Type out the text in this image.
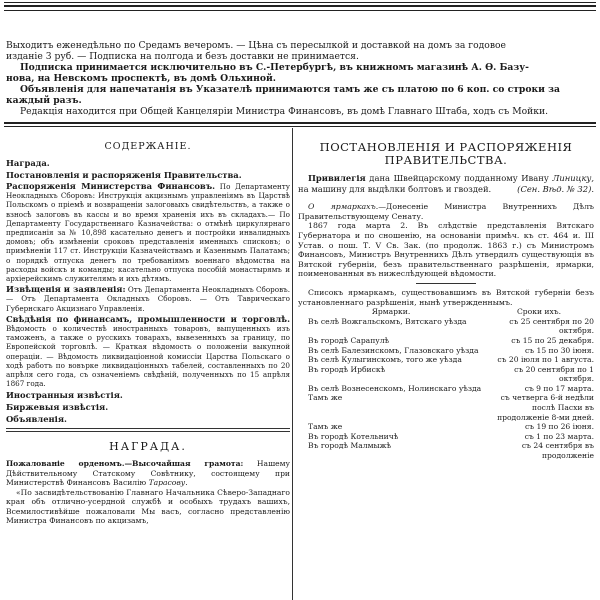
Выходитъ еженедѣльно по Средамъ вечеромъ. — Цѣна съ пересылкой и доставкой на домъ за годовое

изданіе 3 руб. — Подписка на полгода и безъ доставки не принимается.

Подписка принимается исключительно въ С.-Петербургѣ, въ книжномъ магазинѣ А. Ѳ. Базу-

нова, на Невскомъ проспектѣ, въ домѣ Ольхиной.

Объявленія для напечатанія въ Указателѣ принимаются тамъ же съ платою по 6 коп. со строки за

каждый разъ.

Редакція находится при Общей Канцеляріи Министра Финансовъ, въ домѣ Главнаго Штаба, ходъ съ Мойки.

СОДЕРЖАНІЕ.

Награда.

Постановленія и распоряженія Правительства.

Распоряженія Министерства Финансовъ. По Департаменту Неокладныхъ Сборовъ: Инструкція акцизнымъ управленіямъ въ Царствѣ Польскомъ о пріемѣ и возвращеніи залоговыхъ свидѣтельствъ, а также о взносѣ залоговъ въ кассы и во время храненія ихъ въ складахъ.— По Департаменту Государственнаго Казначейства: о отмѣнѣ циркулярнаго предписанія за № 10,898 касательно денегъ и постройки инвалидныхъ домовъ; объ измѣненіи сроковъ представленія именныхъ списковъ; о примѣненіи 117 ст. Инструкціи Казначействамъ и Казеннымъ Палатамъ; о порядкѣ отпуска денегъ по требованіямъ военнаго вѣдомства на расходы войскъ и команды; касательно отпуска пособій монастырямъ и архіерейскимъ служителямъ и ихъ дѣтямъ.

Извѣщенія и заявленія: Отъ Департамента Неокладныхъ Сборовъ. — Отъ Департамента Окладныхъ Сборовъ. — Отъ Таврическаго Губернскаго Акцизнаго Управленія.

Свѣдѣнія по финансамъ, промышленности и торговлѣ. Вѣдомость о количествѣ иностранныхъ товаровъ, выпущенныхъ изъ таможенъ, а также о русскихъ товарахъ, вывезенныхъ за границу, по Европейской торговлѣ. — Краткая вѣдомость о положеніи выкупной операціи. — Вѣдомость ликвидаціонной комиссіи Царства Польскаго о ходѣ работъ по вовърке ликвидаціонныхъ табелей, составленныхъ по 20 апрѣля сего года, съ означеніемъ свѣдѣній, полученныхъ по 15 апрѣля 1867 года.

Иностранныя извѣстія.

Биржевыя извѣстія.

Объявленія.

НАГРАДА.

Пожалованіе орденомъ.—Высочайшая грамота: Нашему Дѣйствительному Статскому Совѣтнику, состоящему при Министерствѣ Финансовъ Василію Тарасову.

«По засвидѣтельствованію Главнаго Начальника Сѣверо-Западнаго края объ отлично-усердной службѣ и особыхъ трудахъ вашихъ, Всемилостивѣйше пожаловали Мы васъ, согласно представленію Министра Финансовъ по акцизамъ,

ПОСТАНОВЛЕНІЯ И РАСПОРЯЖЕНІЯ ПРАВИТЕЛЬСТВА.

Привилегія дана Швейцарскому подданному Ивану Линицку, на машину для выдѣлки болтовъ и гвоздей.	(Сен. Вѣд. № 32).

О ярмаркахъ.—Донесеніе Министра Внутреннихъ Дѣлъ Правительствующему Сенату.

1867 года марта 2. Въ слѣдствіе представленія Вятскаго Губернатора и по сношенію, на основаніи примѣч. къ ст. 464 и. III Устав. о пош. Т. V Св. Зак. (по продолж. 1863 г.) съ Министромъ Финансовъ, Министръ Внутреннихъ Дѣлъ утвердилъ существующія въ Вятской губерніи, безъ правительственнаго разрѣшенія, ярмарки, поименованныя въ нижеслѣдующей вѣдомости.

Списокъ ярмаркамъ, существовавшимъ въ Вятской губерніи безъ установленнаго разрѣшенія, нынѣ утвержденнымъ.

Ярмарки.	Сроки ихъ.
Въ селѣ Вожгальскомъ, Вятскаго уѣзда	съ 25 сентября по 20 октября.
Въ городѣ Сарапулѣ	съ 15 по 25 декабря.
Въ селѣ Балезинскомъ, Глазовскаго уѣзда	съ 15 по 30 іюня.
Въ селѣ Кулыгинскомъ, того же уѣзда	съ 20 іюля по 1 августа.
Въ городѣ Ирбискѣ	съ 20 сентября по 1 октября.
Въ селѣ Вознесенскомъ, Нолинскаго уѣзда	съ 9 по 17 марта.
Тамъ же	съ четверга 6-й недѣли послѣ Пасхи въ продолженіе 8-ми дней.
Тамъ же	съ 19 по 26 іюня.
Въ городѣ Котельничѣ	съ 1 по 23 марта.
Въ городѣ Малмыжѣ	съ 24 сентября въ продолженіе
